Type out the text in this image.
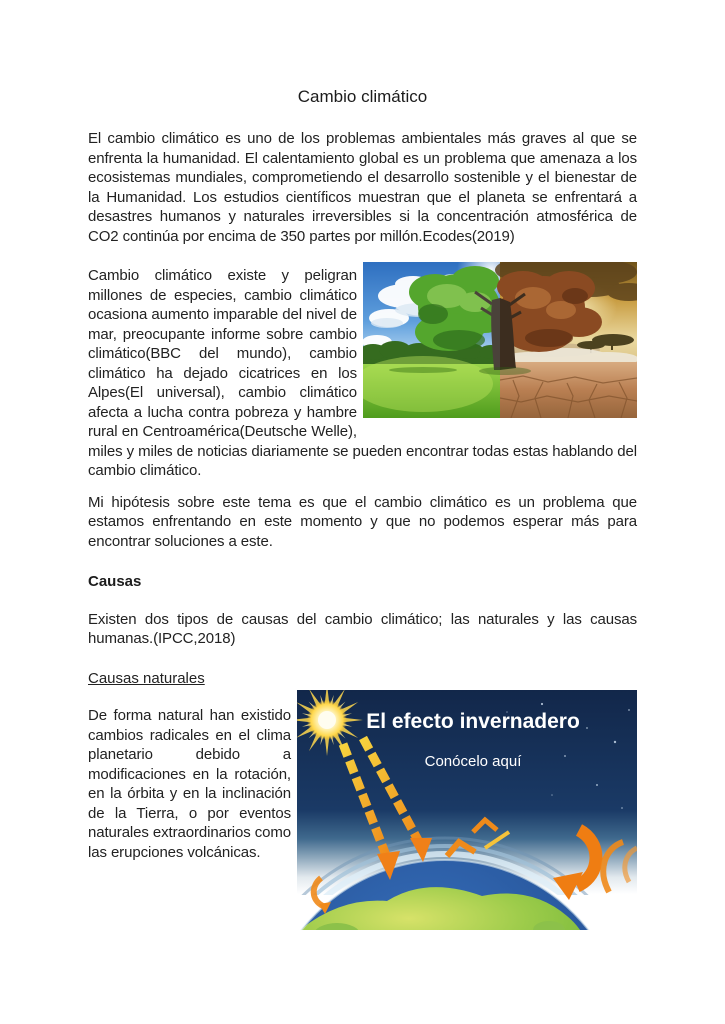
Cambio climático

El cambio climático es uno de los problemas ambientales más graves al que se enfrenta la humanidad. El calentamiento global es un problema que amenaza a los ecosistemas mundiales, comprometiendo el desarrollo sostenible y el bienestar de la Humanidad. Los estudios científicos muestran que el planeta se enfrentará a desastres humanos y naturales irreversibles si la concentración atmosférica de CO2 continúa por encima de 350 partes por millón.Ecodes(2019)

Cambio climático existe y peligran millones de especies, cambio climático ocasiona aumento imparable del nivel de mar, preocupante informe sobre cambio climático(BBC del mundo), cambio climático ha dejado cicatrices en los Alpes(El universal), cambio climático afecta a lucha contra pobreza y hambre rural en Centroamérica(Deutsche Welle), miles y miles de noticias diariamente se pueden encontrar todas estas hablando del cambio climático.

Mi hipótesis sobre este tema es que el cambio climático es un problema que estamos enfrentando en este momento y que no podemos esperar más para encontrar soluciones a este.

Causas

Existen dos tipos de causas del cambio climático; las naturales y las causas humanas.(IPCC,2018)

Causas naturales
El efecto invernadero
Conócelo aquí

De forma natural han existido cambios radicales en el clima planetario debido a modificaciones en la rotación, en la órbita y en la inclinación de la Tierra, o por eventos naturales extraordinarios como las erupciones volcánicas.
